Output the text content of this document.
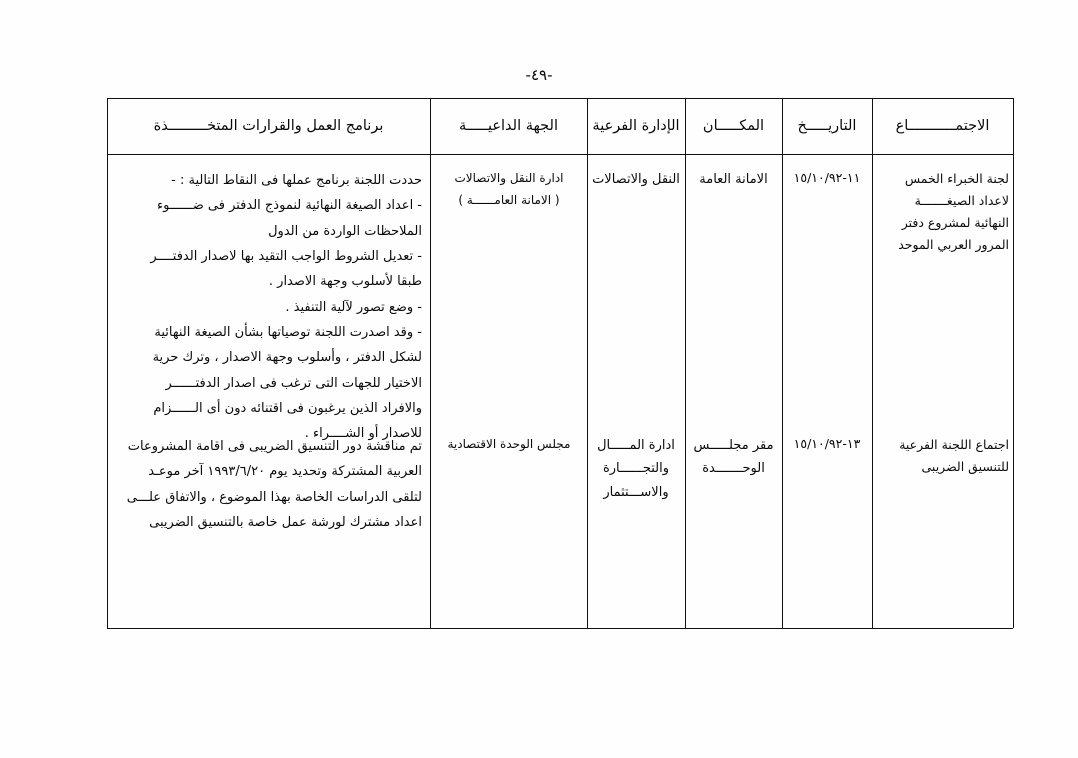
-٤٩-
الاجتمـــــــــــاع
التاريـــــخ
المكـــــان
الإدارة الفرعية
الجهة الداعيـــــة
برنامج العمل والقرارات المتخـــــــــذة
لجنة الخبراء الخمس
لاعداد الصيغـــــــة
النهائية لمشروع دفتر
المرور العربي الموحد
١١-١٥/١٠/٩٢
الامانة العامة
النقل والاتصالات
ادارة النقل والاتصالات
( الامانة العامــــــة )
حددت اللجنة برنامج عملها فى النقاط التالية : -
- اعداد الصيغة النهائية لنموذج الدفتر فى ضــــــوء
الملاحظات الواردة من الدول
- تعديل الشروط الواجب التقيد بها لاصدار الدفتــــر
طبقا لأسلوب وجهة الاصدار .
- وضع تصور لآلية التنفيذ .
- وقد اصدرت اللجنة توصياتها بشأن الصيغة النهائية
لشكل الدفتر ، وأسلوب وجهة الاصدار ، وترك حرية
الاختيار للجهات التى ترغب فى اصدار الدفتــــــر
والافراد الذين يرغبون فى اقتنائه دون أى الــــــزام
للاصدار أو الشــــراء .
اجتماع اللجنة الفرعية
للتنسيق الضريبى
١٣-١٥/١٠/٩٢
مقر مجلـــــس
الوحـــــــدة
ادارة المـــــال
والتجــــــارة
والاســـتثمار
مجلس الوحدة الاقتصادية
تم مناقشة دور التنسيق الضريبى فى اقامة المشروعات
العربية المشتركة وتحديد يوم ١٩٩٣/٦/٢٠ آخر موعـد
لتلقى الدراسات الخاصة بهذا الموضوع ، والاتفاق علـــى
اعداد مشترك لورشة عمل خاصة بالتنسيق الضريبى
